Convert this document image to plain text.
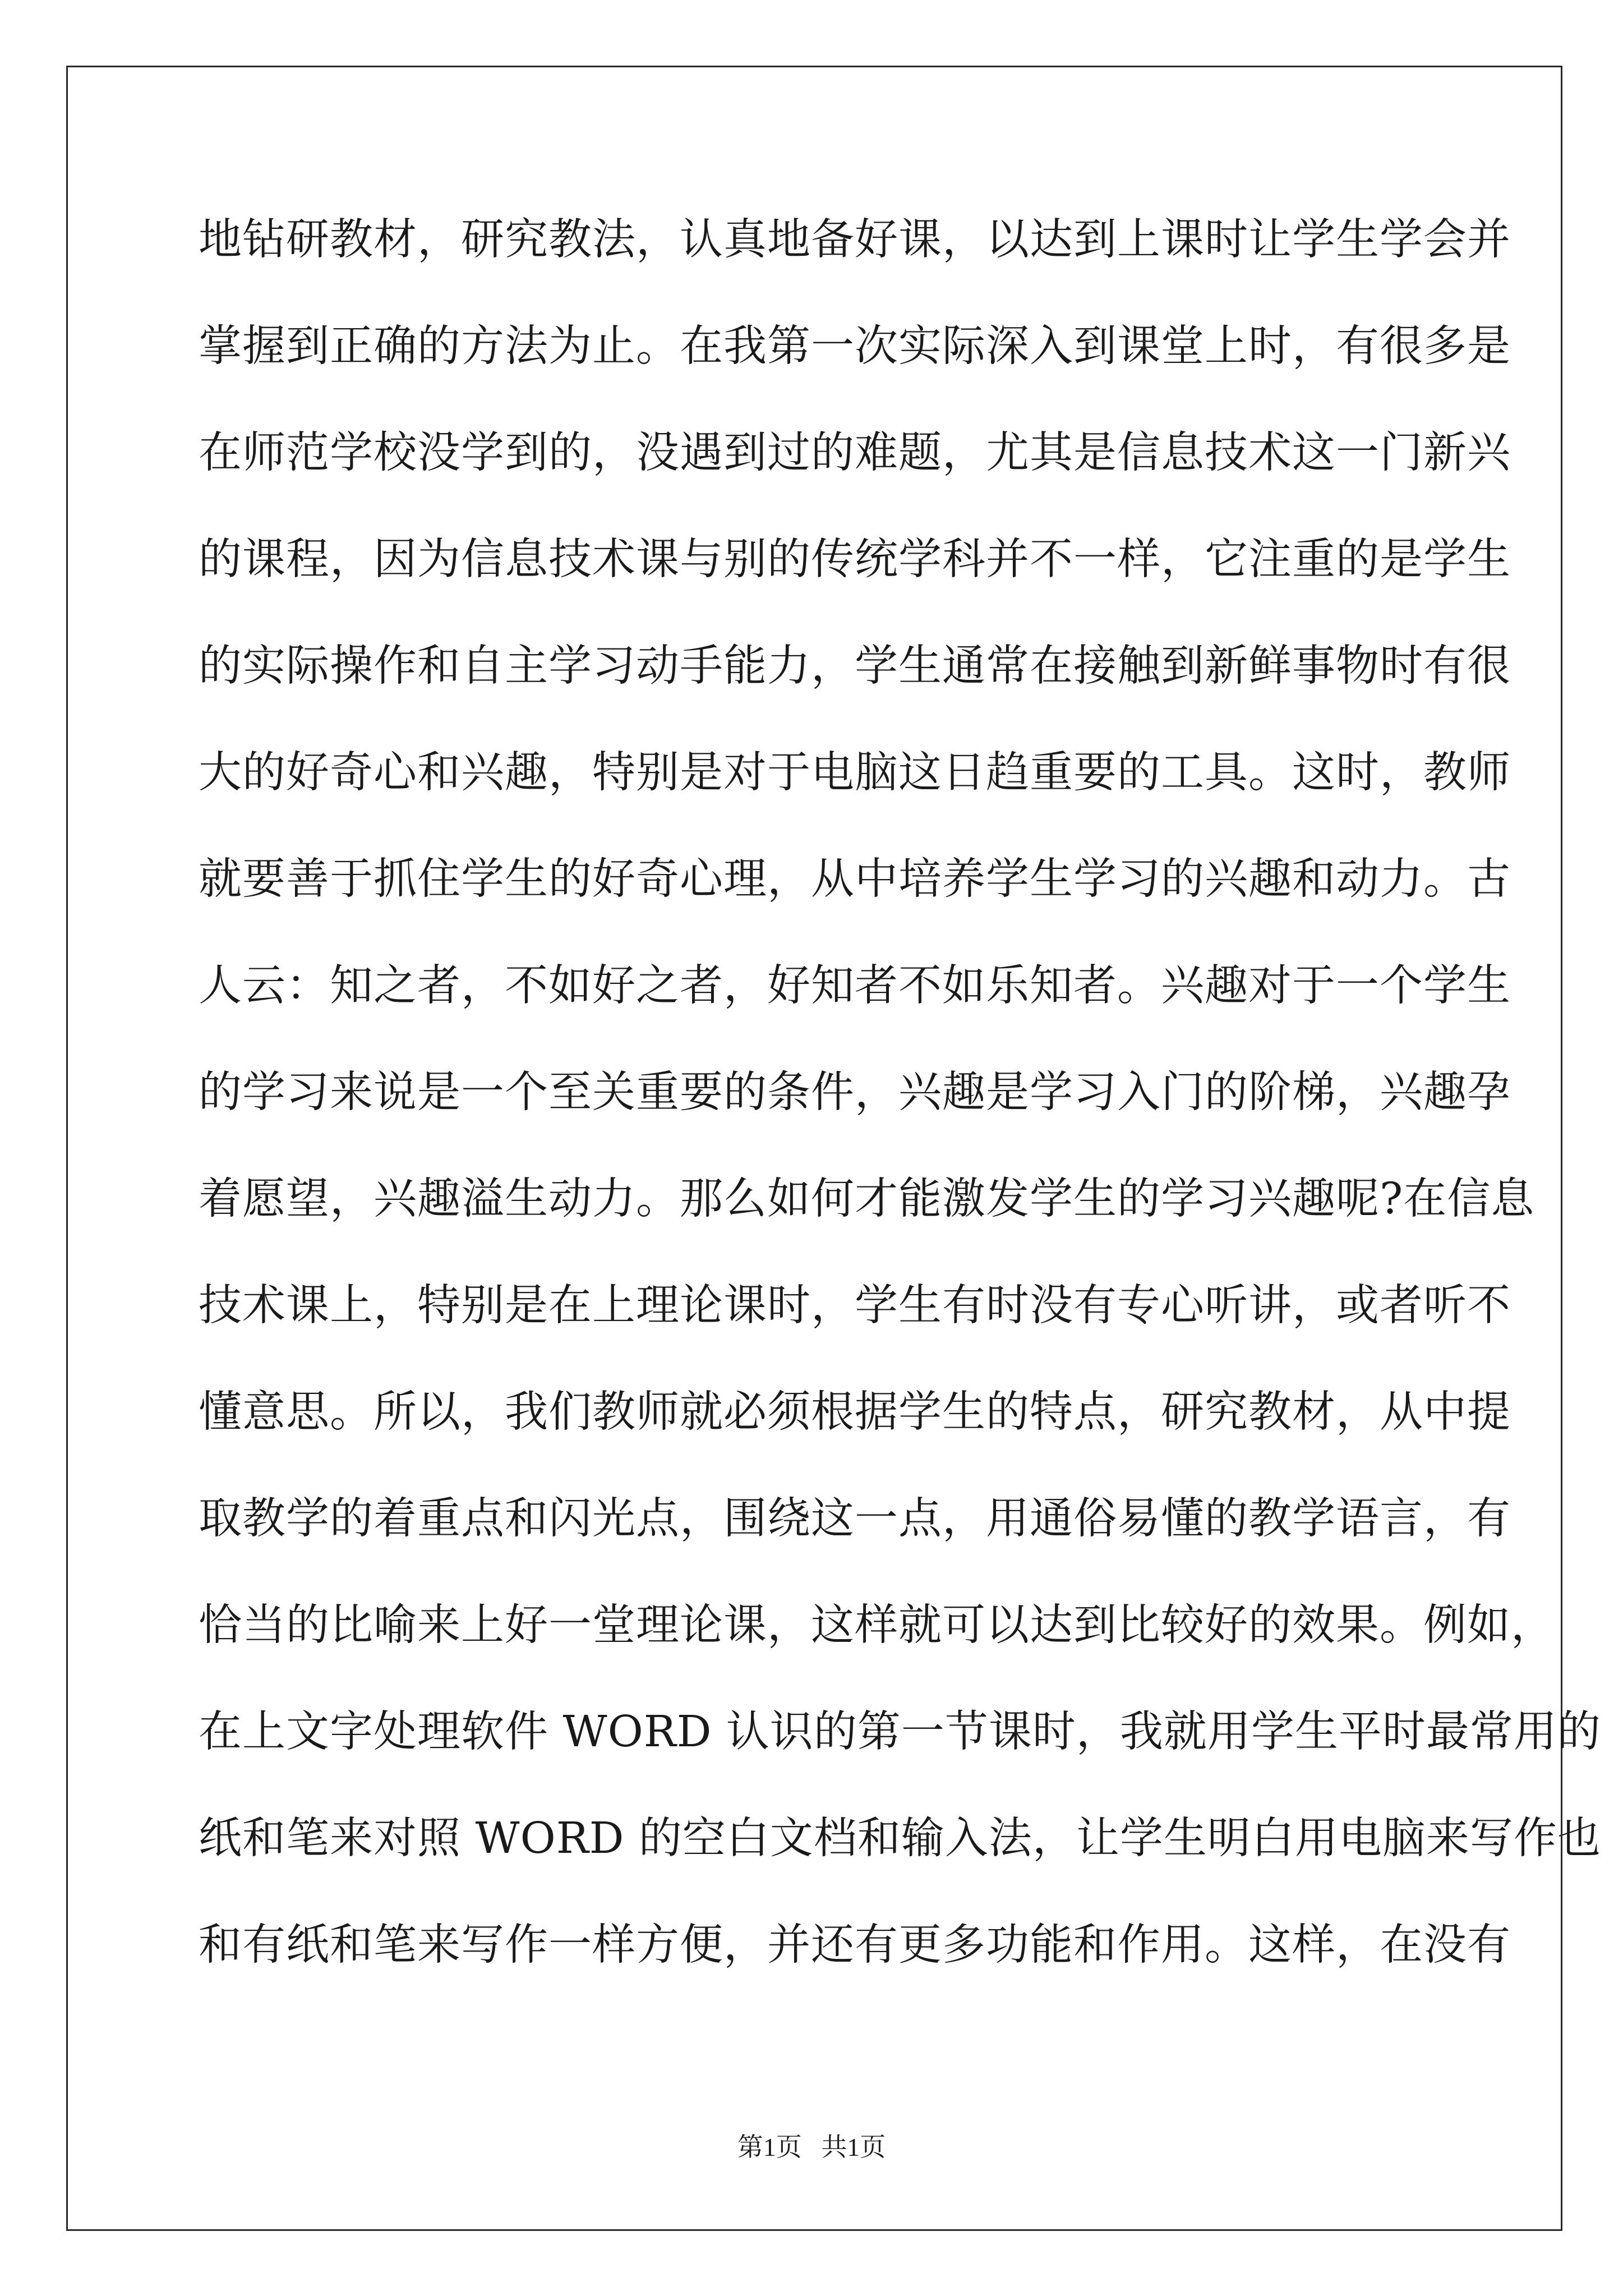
地钻研教材，研究教法，认真地备好课，以达到上课时让学生学会并
掌握到正确的方法为止。在我第一次实际深入到课堂上时，有很多是
在师范学校没学到的，没遇到过的难题，尤其是信息技术这一门新兴
的课程，因为信息技术课与别的传统学科并不一样，它注重的是学生
的实际操作和自主学习动手能力，学生通常在接触到新鲜事物时有很
大的好奇心和兴趣，特别是对于电脑这日趋重要的工具。这时，教师
就要善于抓住学生的好奇心理，从中培养学生学习的兴趣和动力。古
人云：知之者，不如好之者，好知者不如乐知者。兴趣对于一个学生
的学习来说是一个至关重要的条件，兴趣是学习入门的阶梯，兴趣孕
着愿望，兴趣溢生动力。那么如何才能激发学生的学习兴趣呢?在信息
技术课上，特别是在上理论课时，学生有时没有专心听讲，或者听不
懂意思。所以，我们教师就必须根据学生的特点，研究教材，从中提
取教学的着重点和闪光点，围绕这一点，用通俗易懂的教学语言，有
恰当的比喻来上好一堂理论课，这样就可以达到比较好的效果。例如，
在上文字处理软件 WORD 认识的第一节课时，我就用学生平时最常用的
纸和笔来对照 WORD 的空白文档和输入法，让学生明白用电脑来写作也
和有纸和笔来写作一样方便，并还有更多功能和作用。这样，在没有
第1页   共1页
